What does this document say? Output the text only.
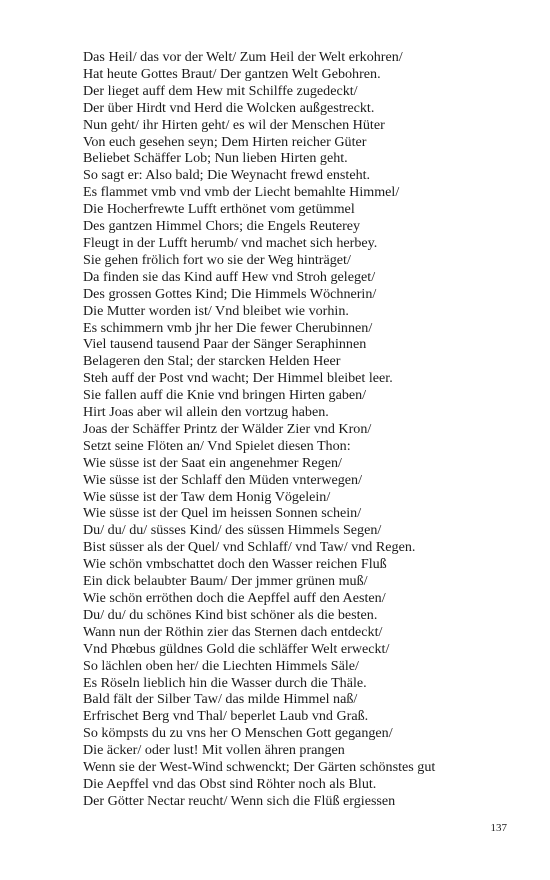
Das Heil/ das vor der Welt/ Zum Heil der Welt erkohren/
Hat heute Gottes Braut/ Der gantzen Welt Gebohren.
Der lieget auff dem Hew mit Schilffe zugedeckt/
Der über Hirdt vnd Herd die Wolcken außgestreckt.
Nun geht/ ihr Hirten geht/ es wil der Menschen Hüter
Von euch gesehen seyn; Dem Hirten reicher Güter
Beliebet Schäffer Lob; Nun lieben Hirten geht.
So sagt er: Also bald; Die Weynacht frewd ensteht.
Es flammet vmb vnd vmb der Liecht bemahlte Himmel/
Die Hocherfrewte Lufft erthönet vom getümmel
Des gantzen Himmel Chors; die Engels Reuterey
Fleugt in der Lufft herumb/ vnd machet sich herbey.
Sie gehen frölich fort wo sie der Weg hinträget/
Da finden sie das Kind auff Hew vnd Stroh geleget/
Des grossen Gottes Kind; Die Himmels Wöchnerin/
Die Mutter worden ist/ Vnd bleibet wie vorhin.
Es schimmern vmb jhr her Die fewer Cherubinnen/
Viel tausend tausend Paar der Sänger Seraphinnen
Belageren den Stal; der starcken Helden Heer
Steh auff der Post vnd wacht; Der Himmel bleibet leer.
Sie fallen auff die Knie vnd bringen Hirten gaben/
Hirt Joas aber wil allein den vortzug haben.
Joas der Schäffer Printz der Wälder Zier vnd Kron/
Setzt seine Flöten an/ Vnd Spielet diesen Thon:
Wie süsse ist der Saat ein angenehmer Regen/
Wie süsse ist der Schlaff den Müden vnterwegen/
Wie süsse ist der Taw dem Honig Vögelein/
Wie süsse ist der Quel im heissen Sonnen schein/
Du/ du/ du/ süsses Kind/ des süssen Himmels Segen/
Bist süsser als der Quel/ vnd Schlaff/ vnd Taw/ vnd Regen.
Wie schön vmbschattet doch den Wasser reichen Fluß
Ein dick belaubter Baum/ Der jmmer grünen muß/
Wie schön erröthen doch die Aepffel auff den Aesten/
Du/ du/ du schönes Kind bist schöner als die besten.
Wann nun der Röthin zier das Sternen dach entdeckt/
Vnd Phœbus güldnes Gold die schläffer Welt erweckt/
So lächlen oben her/ die Liechten Himmels Säle/
Es Röseln lieblich hin die Wasser durch die Thäle.
Bald fält der Silber Taw/ das milde Himmel naß/
Erfrischet Berg vnd Thal/ beperlet Laub vnd Graß.
So kömpsts du zu vns her O Menschen Gott gegangen/
Die äcker/ oder lust! Mit vollen ähren prangen
Wenn sie der West-Wind schwenckt; Der Gärten schönstes gut
Die Aepffel vnd das Obst sind Röhter noch als Blut.
Der Götter Nectar reucht/ Wenn sich die Flüß ergiessen
137
